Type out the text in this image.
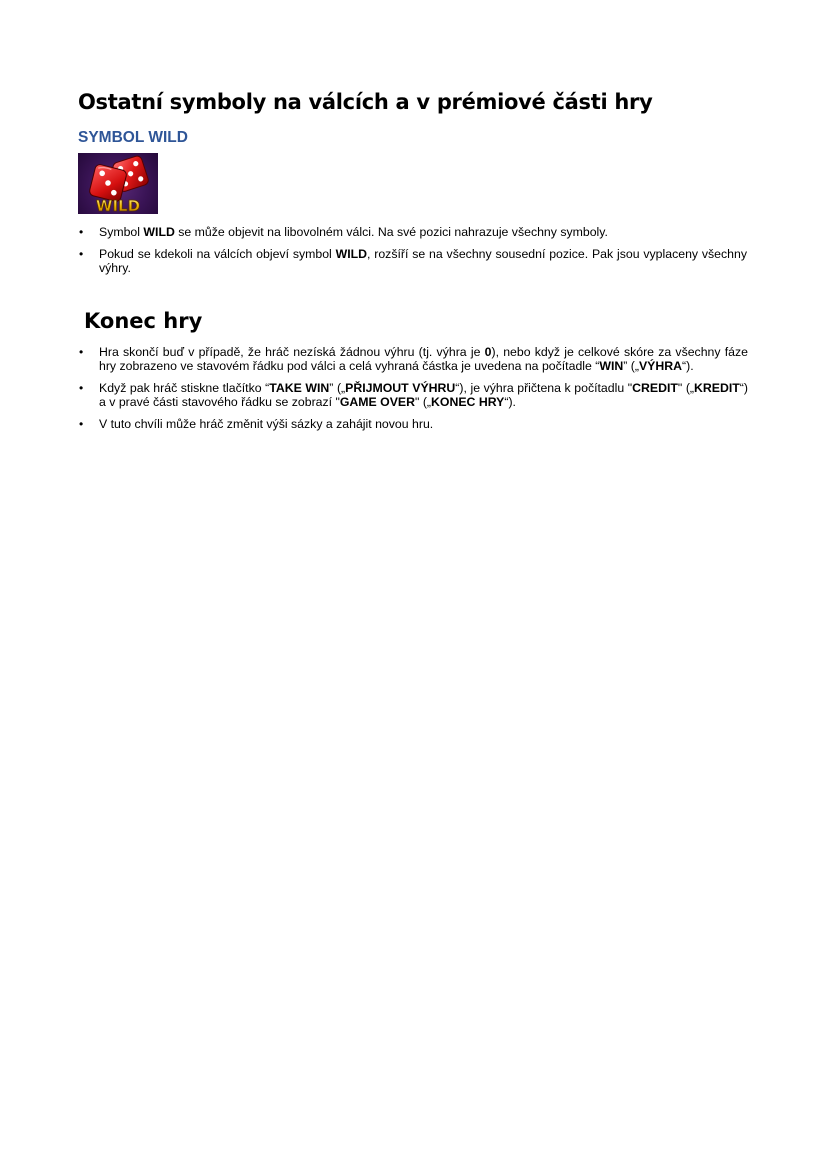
Ostatní symboly na válcích a v prémiové části hry
SYMBOL WILD
WILD
• Symbol WILD se může objevit na libovolném válci. Na své pozici nahrazuje všechny symboly.
• Pokud se kdekoli na válcích objeví symbol WILD, rozšíří se na všechny sousední pozice. Pak jsou vyplaceny všechny výhry.
Konec hry
• Hra skončí buď v případě, že hráč nezíská žádnou výhru (tj. výhra je 0), nebo když je celkové skóre za všechny fáze hry zobrazeno ve stavovém řádku pod válci a celá vyhraná částka je uvedena na počítadle “WIN” („VÝHRA“).
• Když pak hráč stiskne tlačítko “TAKE WIN” („PŘIJMOUT VÝHRU“), je výhra přičtena k počítadlu "CREDIT" („KREDIT“) a v pravé části stavového řádku se zobrazí "GAME OVER" („KONEC HRY“).
• V tuto chvíli může hráč změnit výši sázky a zahájit novou hru.
